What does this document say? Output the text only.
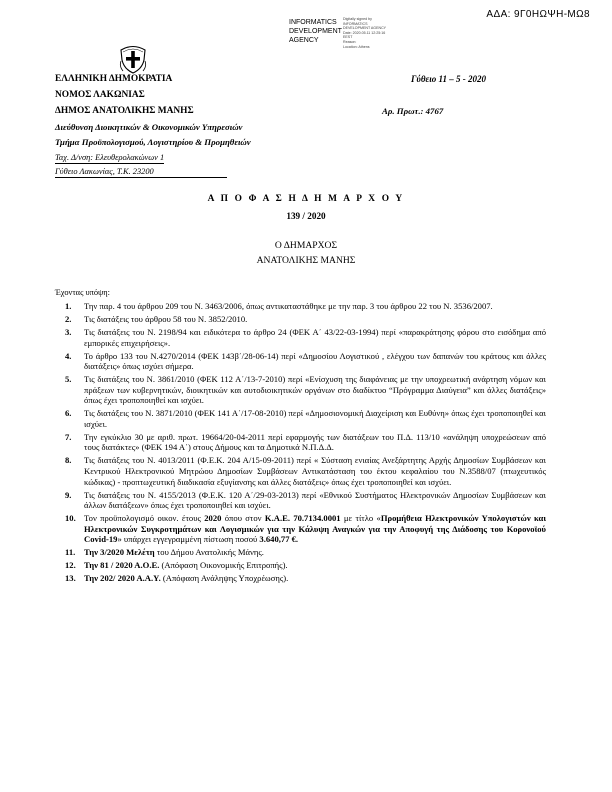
ΑΔΑ: 9Γ0ΗΩΨΗ-ΜΩ8
INFORMATICS
DEVELOPMENT
AGENCY
Digitally signed by
INFORMATICS
DEVELOPMENT AGENCY
Date: 2020.05.11 12:25:16
EEST
Reason:
Location: Athens
ΕΛΛΗΝΙΚΗ ΔΗΜΟΚΡΑΤΙΑ
ΝΟΜΟΣ ΛΑΚΩΝΙΑΣ
ΔΗΜΟΣ ΑΝΑΤΟΛΙΚΗΣ ΜΑΝΗΣ
Διεύθυνση Διοικητικών & Οικονομικών Υπηρεσιών
Τμήμα Προϋπολογισμού, Λογιστηρίου & Προμηθειών
Ταχ. Δ/νση: Ελευθερολακώνων 1
Γύθειο Λακωνίας, Τ.Κ. 23200
Γύθειο 11 – 5 - 2020
Αρ. Πρωτ.: 4767
Α Π Ο Φ Α Σ Η Δ Η Μ Α Ρ Χ Ο Υ
139 / 2020
Ο ΔΗΜΑΡΧΟΣ
ΑΝΑΤΟΛΙΚΗΣ ΜΑΝΗΣ
Έχοντας υπόψη:
1. Την παρ. 4 του άρθρου 209 του Ν. 3463/2006, όπως αντικαταστάθηκε με την παρ. 3 του άρθρου 22 του Ν. 3536/2007.
2. Τις διατάξεις του άρθρου 58 του Ν. 3852/2010.
3. Τις διατάξεις του Ν. 2198/94 και ειδικότερα το άρθρο 24 (ΦΕΚ Α΄ 43/22-03-1994) περί «παρακράτησης φόρου στο εισόδημα από εμπορικές επιχειρήσεις».
4. Το άρθρο 133 του Ν.4270/2014 (ΦΕΚ 143β΄/28-06-14) περί «Δημοσίου Λογιστικού , ελέγχου των δαπανών του κράτους και άλλες διατάξεις» όπως ισχύει σήμερα.
5. Τις διατάξεις του Ν. 3861/2010 (ΦΕΚ 112 Α΄/13-7-2010) περί «Ενίσχυση της διαφάνειας με την υποχρεωτική ανάρτηση νόμων και πράξεων των κυβερνητικών, διοικητικών και αυτοδιοικητικών οργάνων στο διαδίκτυο “Πρόγραμμα Διαύγεια” και άλλες διατάξεις» όπως έχει τροποποιηθεί και ισχύει.
6. Τις διατάξεις του Ν. 3871/2010 (ΦΕΚ 141 Α΄/17-08-2010) περί «Δημοσιονομική Διαχείριση και Ευθύνη» όπως έχει τροποποιηθεί και ισχύει.
7. Την εγκύκλιο 30 με αριθ. πρωτ. 19664/20-04-2011 περί εφαρμογής των διατάξεων του Π.Δ. 113/10 «ανάληψη υποχρεώσεων από τους διατάκτες» (ΦΕΚ 194 Α΄) στους Δήμους και τα Δημοτικά Ν.Π.Δ.Δ.
8. Τις διατάξεις του Ν. 4013/2011 (Φ.Ε.Κ. 204 Α/15-09-2011) περί « Σύσταση ενιαίας Ανεξάρτητης Αρχής Δημοσίων Συμβάσεων και Κεντρικού Ηλεκτρονικού Μητρώου Δημοσίων Συμβάσεων Αντικατάσταση του έκτου κεφαλαίου του Ν.3588/07 (πτωχευτικός κώδικας) - προπτωχευτική διαδικασία εξυγίανσης και άλλες διατάξεις» όπως έχει τροποποιηθεί και ισχύει.
9. Τις διατάξεις του Ν. 4155/2013 (Φ.Ε.Κ. 120 Α΄/29-03-2013) περί «Εθνικού Συστήματος Ηλεκτρονικών Δημοσίων Συμβάσεων και άλλων διατάξεων» όπως έχει τροποποιηθεί και ισχύει.
10. Τον προϋπολογισμό οικον. έτους 2020 όπου στον Κ.Α.Ε. 70.7134.0001 με τίτλο «Προμήθεια Ηλεκτρονικών Υπολογιστών και Ηλεκτρονικών Συγκροτημάτων και Λογισμικών για την Κάλυψη Αναγκών για την Αποφυγή της Διάδοσης του Κορονοϊού Covid-19» υπάρχει εγγεγραμμένη πίστωση ποσού 3.640,77 €.
11. Την 3/2020 Μελέτη του Δήμου Ανατολικής Μάνης.
12. Την 81 / 2020 Α.Ο.Ε. (Απόφαση Οικονομικής Επιτροπής).
13. Την 202/ 2020 Α.Α.Υ. (Απόφαση Ανάληψης Υποχρέωσης).
